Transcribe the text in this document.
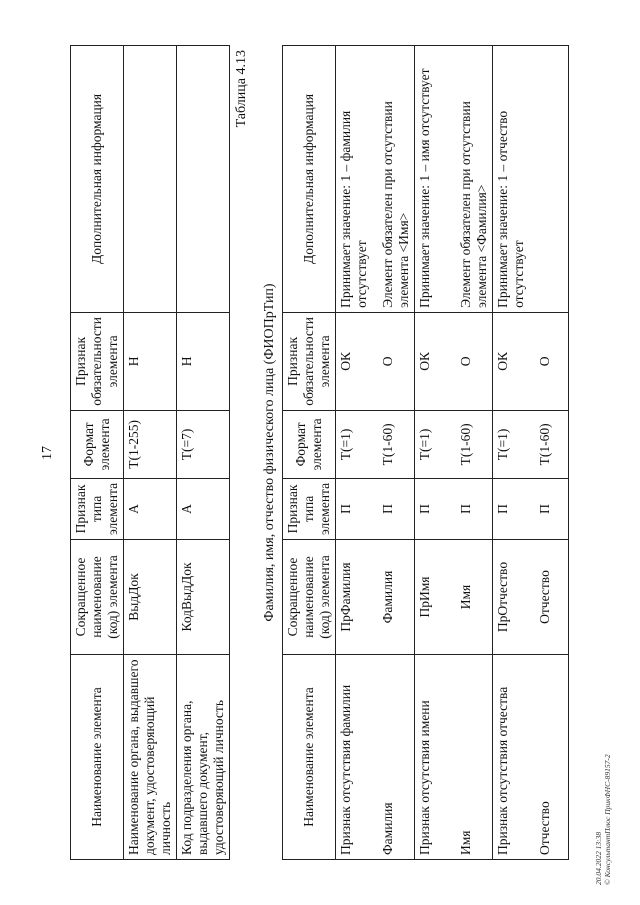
17
Наименование элемента	Сокращенное наименование (код) элемента	Признак типа элемента	Формат элемента	Признак обязательности элемента	Дополнительная информация
Наименование органа, выдавшего документ, удостоверяющий личность	ВыдДок	А	T(1-255)	Н	
Код подразделения органа, выдавшего документ, удостоверяющий личность	КодВыдДок	А	T(=7)	Н	
Таблица 4.13
Фамилия, имя, отчество физического лица (ФИОПрТип)
Наименование элемента	Сокращенное наименование (код) элемента	Признак типа элемента	Формат элемента	Признак обязательности элемента	Дополнительная информация
Признак отсутствия фамилии	ПрФамилия	П	T(=1)	ОК	Принимает значение: 1 – фамилия отсутствует
Фамилия	Фамилия	П	T(1-60)	О	Элемент обязателен при отсутствии элемента <Имя>
Признак отсутствия имени	ПрИмя	П	T(=1)	ОК	Принимает значение: 1 – имя отсутствует
Имя	Имя	П	T(1-60)	О	Элемент обязателен при отсутствии элемента <Фамилия>
Признак отсутствия отчества	ПрОтчество	П	T(=1)	ОК	Принимает значение: 1 – отчество отсутствует
Отчество	Отчество	П	T(1-60)	О	
20.04.2022 13:38 © КонсультантПлюс ПрикФНС-89157-2
